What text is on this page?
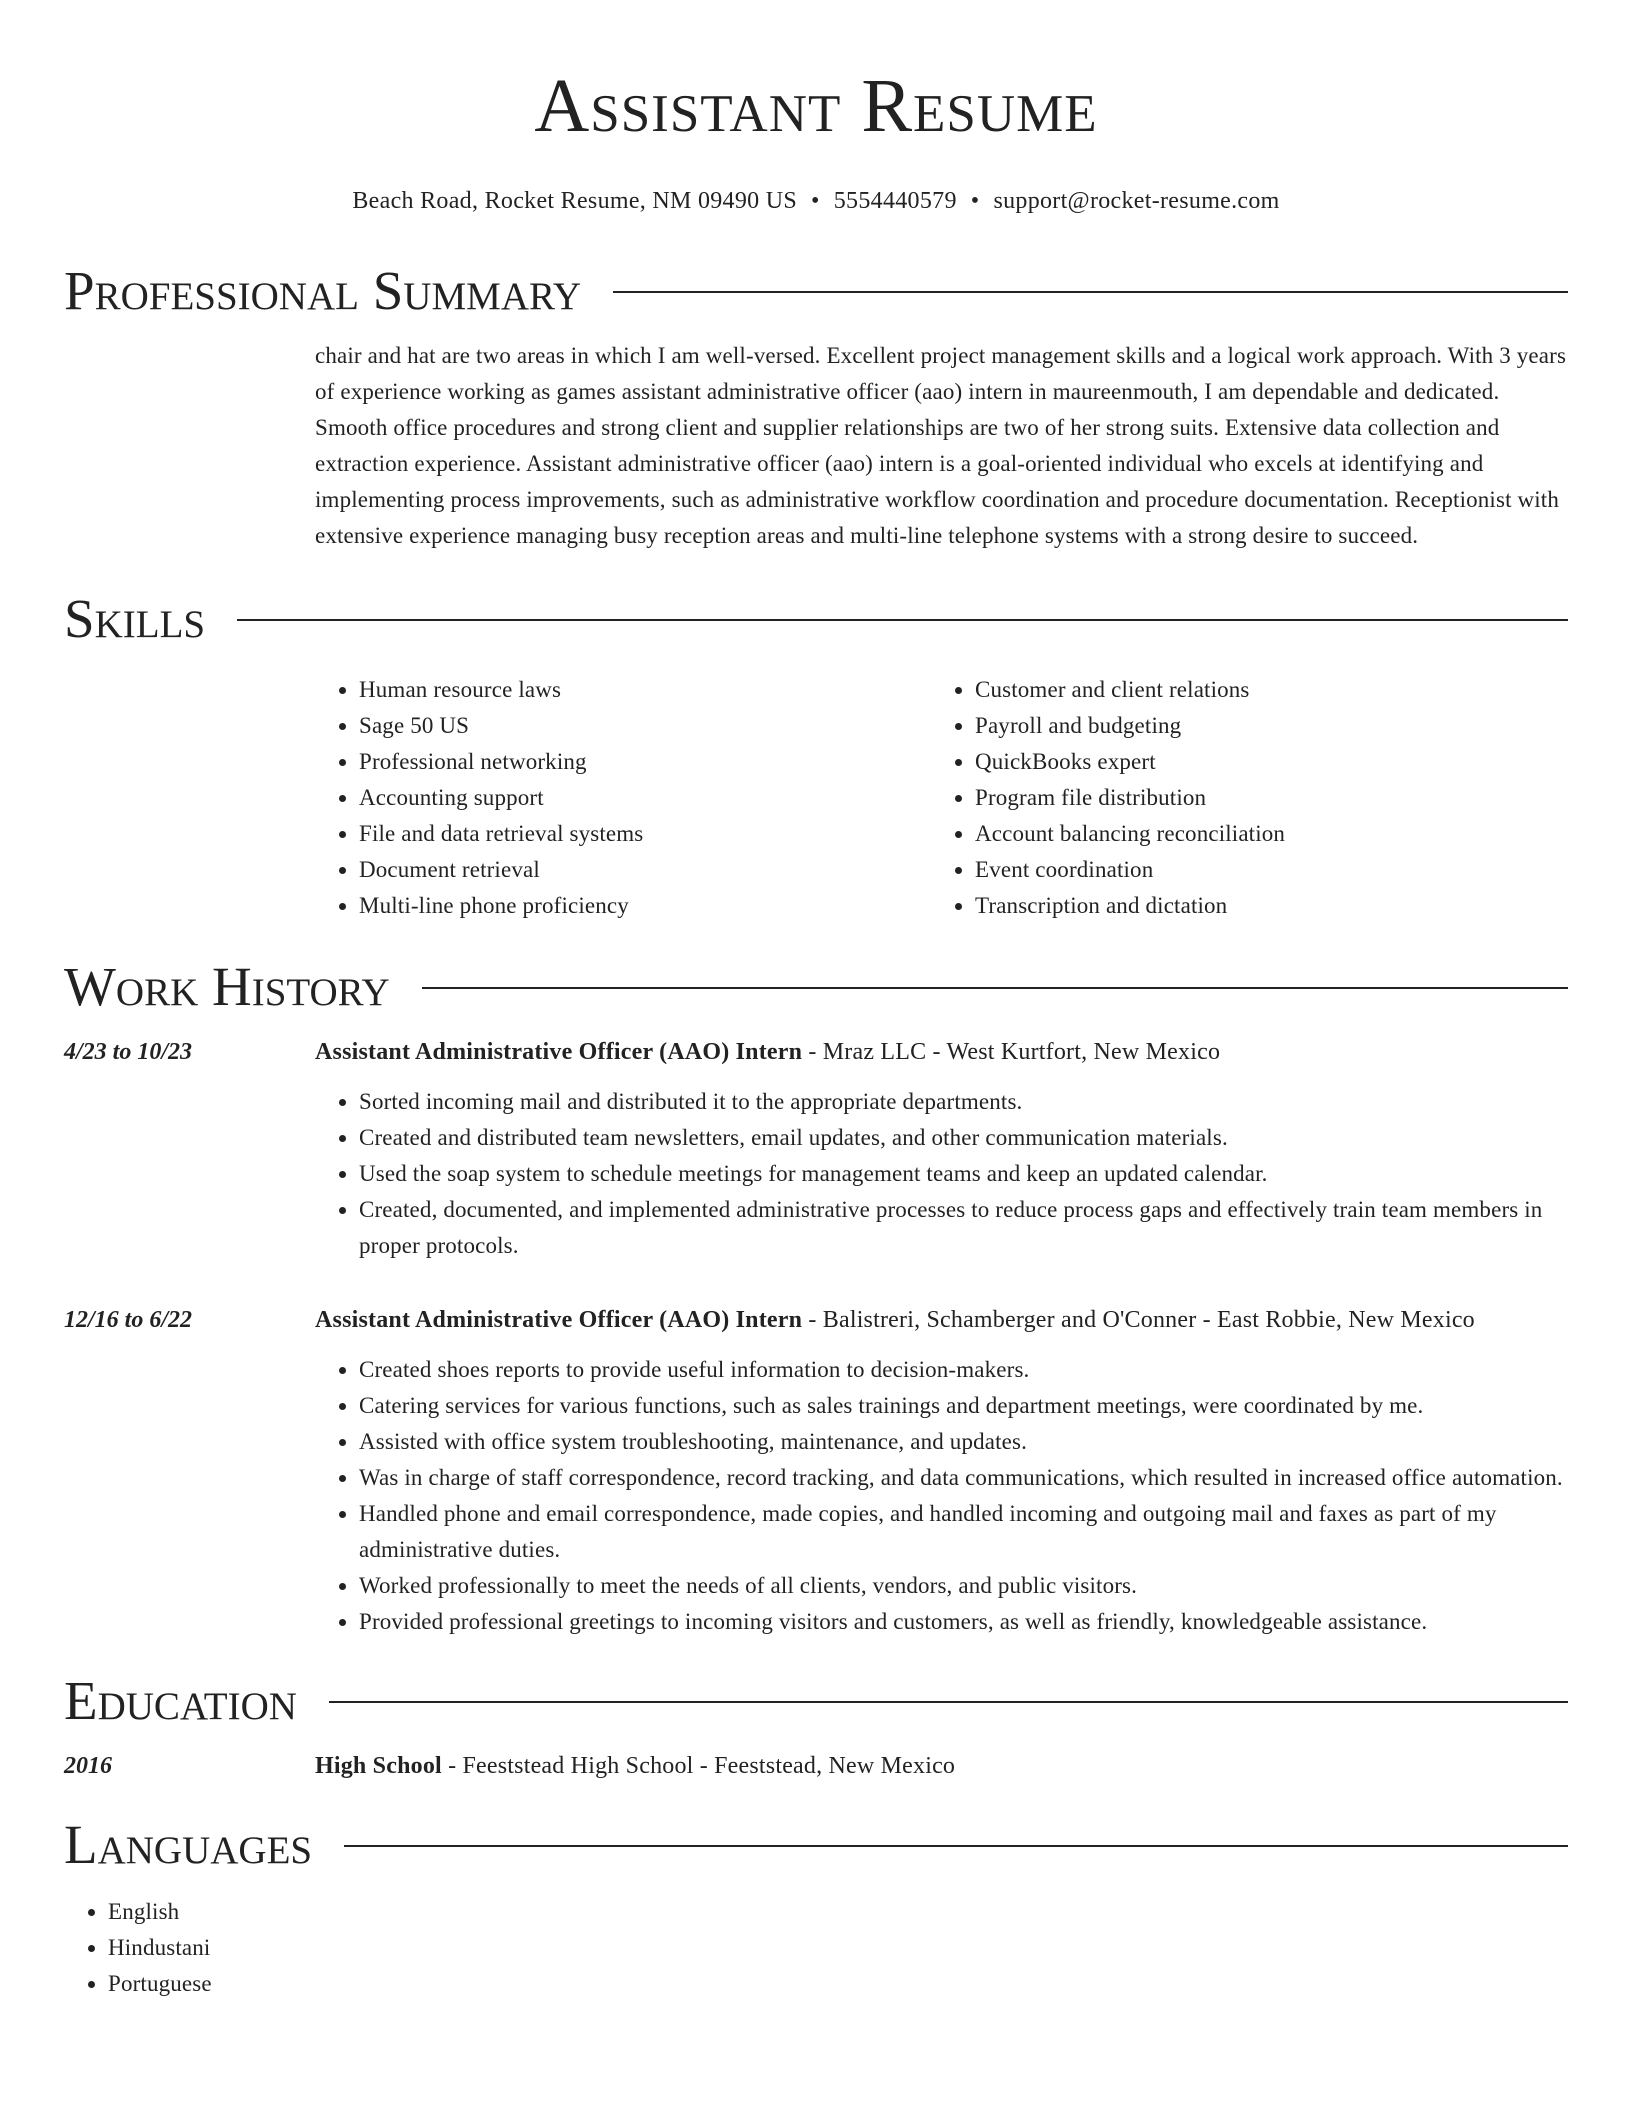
Assistant Resume
Beach Road, Rocket Resume, NM 09490 US • 5554440579 • support@rocket-resume.com
Professional Summary
chair and hat are two areas in which I am well-versed. Excellent project management skills and a logical work approach. With 3 years of experience working as games assistant administrative officer (aao) intern in maureenmouth, I am dependable and dedicated. Smooth office procedures and strong client and supplier relationships are two of her strong suits. Extensive data collection and extraction experience. Assistant administrative officer (aao) intern is a goal-oriented individual who excels at identifying and implementing process improvements, such as administrative workflow coordination and procedure documentation. Receptionist with extensive experience managing busy reception areas and multi-line telephone systems with a strong desire to succeed.
Skills
• Human resource laws
• Sage 50 US
• Professional networking
• Accounting support
• File and data retrieval systems
• Document retrieval
• Multi-line phone proficiency
• Customer and client relations
• Payroll and budgeting
• QuickBooks expert
• Program file distribution
• Account balancing reconciliation
• Event coordination
• Transcription and dictation
Work History
4/23 to 10/23	Assistant Administrative Officer (AAO) Intern - Mraz LLC - West Kurtfort, New Mexico
• Sorted incoming mail and distributed it to the appropriate departments.
• Created and distributed team newsletters, email updates, and other communication materials.
• Used the soap system to schedule meetings for management teams and keep an updated calendar.
• Created, documented, and implemented administrative processes to reduce process gaps and effectively train team members in proper protocols.
12/16 to 6/22	Assistant Administrative Officer (AAO) Intern - Balistreri, Schamberger and O'Conner - East Robbie, New Mexico
• Created shoes reports to provide useful information to decision-makers.
• Catering services for various functions, such as sales trainings and department meetings, were coordinated by me.
• Assisted with office system troubleshooting, maintenance, and updates.
• Was in charge of staff correspondence, record tracking, and data communications, which resulted in increased office automation.
• Handled phone and email correspondence, made copies, and handled incoming and outgoing mail and faxes as part of my administrative duties.
• Worked professionally to meet the needs of all clients, vendors, and public visitors.
• Provided professional greetings to incoming visitors and customers, as well as friendly, knowledgeable assistance.
Education
2016	High School - Feeststead High School - Feeststead, New Mexico
Languages
• English
• Hindustani
• Portuguese
